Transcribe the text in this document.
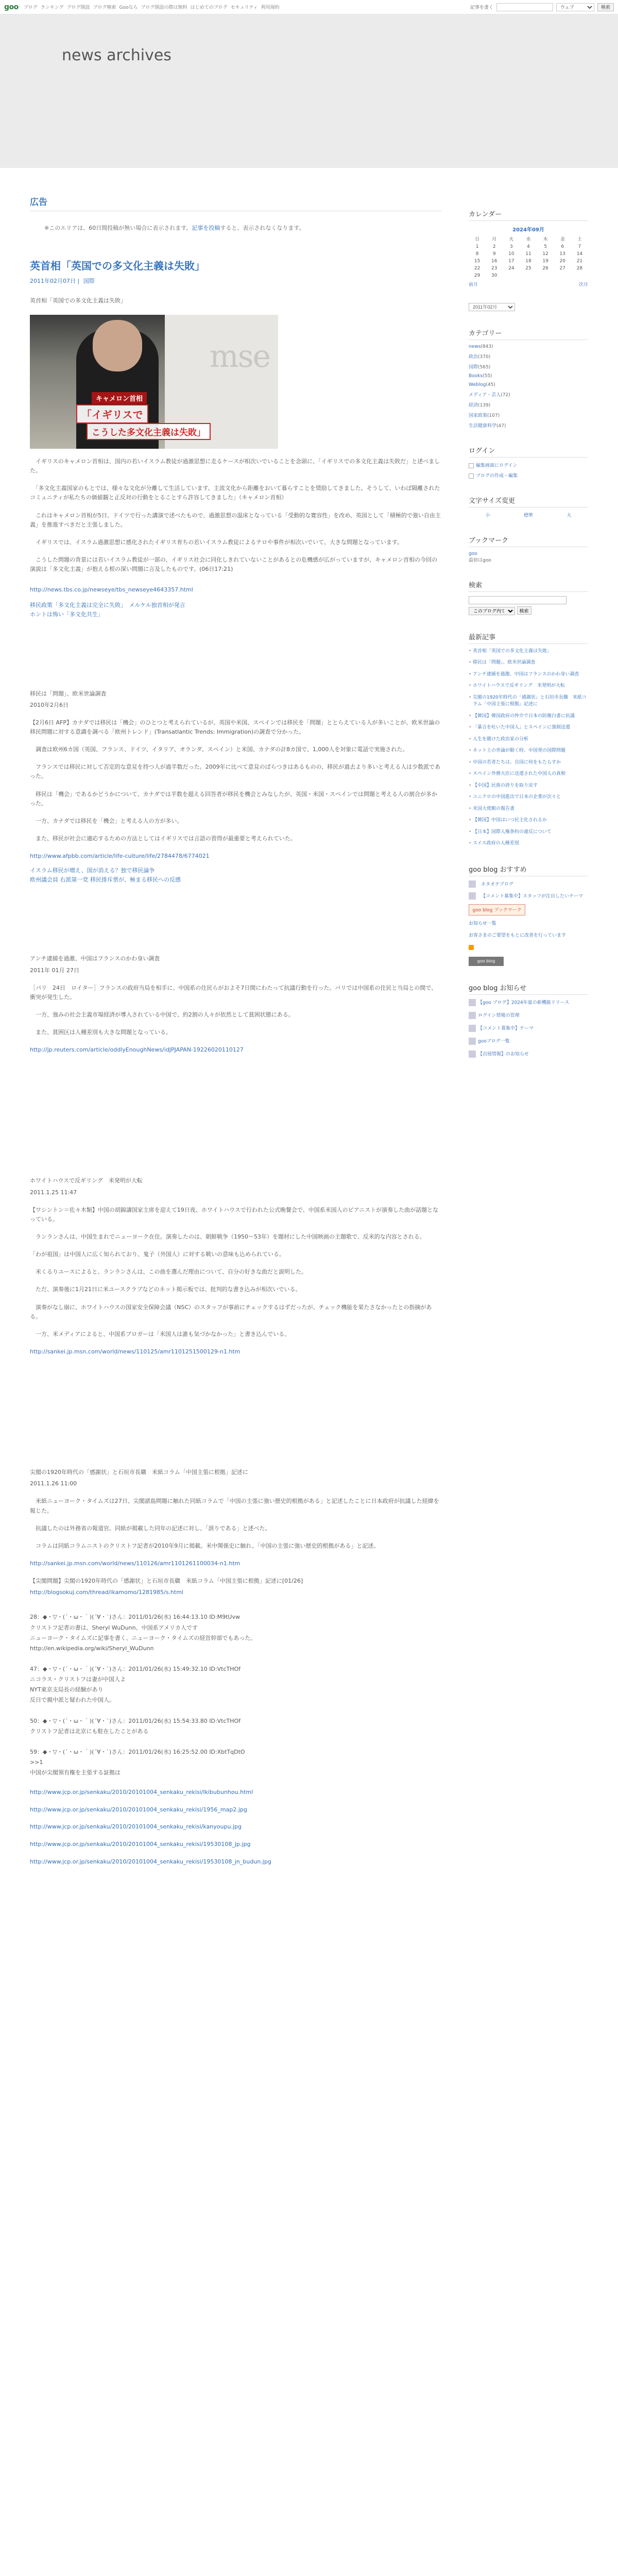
goo ブログ ランキング ブログ開設 ブログ検索 Gooなら ブログ開設の際は無料 はじめてのブログ セキュリティ 利用規約	記事を書く
ウェブ	検索
news archives
広告
※このエリアは、60日間投稿が無い場合に表示されます。記事を投稿すると、表示されなくなります。
英首相「英国での多文化主義は失敗」
2011年02月07日 | 国際
英首相「英国での多文化主義は失敗」
mse
キャメロン首相
「イギリスで
こうした多文化主義は失敗」

　イギリスのキャメロン首相は、国内の若いイスラム教徒が過激思想に走るケースが相次いでいることを念頭に、「イギリスでの多文化主義は失敗だ」と述べました。

　「多文化主義国家のもとでは、様々な文化が分離して生活しています。主流文化から距離をおいて暮らすことを奨励してきました。そうして、いわば隔離されたコミュニティが私たちの価値観と正反対の行動をとることすら許容してきました」（キャメロン首相）

　これはキャメロン首相が5日、ドイツで行った講演で述べたもので、過激思想の温床となっている「受動的な寛容性」を改め、英国として「積極的で強い自由主義」を推進すべきだと主張しました。

　イギリスでは、イスラム過激思想に感化されたイギリス育ちの若いイスラム教徒によるテロや事件が相次いでいて、大きな問題となっています。

　こうした問題の背景には若いイスラム教徒が一部の、イギリス社会に同化しきれていないことがあるとの危機感が広がっていますが、キャメロン首相の今回の演説は「多文化主義」が抱える根の深い問題に言及したものです。(06日17:21)

http://news.tbs.co.jp/newseye/tbs_newseye4643357.html
移民政策「多文化主義は完全に失敗」　メルケル独首相が発言
ホントは怖い「多文化共生」
移民は「問題」、欧米世論調査
2010年2月6日

【2月6日 AFP】カナダでは移民は「機会」のひとつと考えられているが、英国や米国、スペインでは移民を「問題」ととらえている人が多いことが、欧米世論の移民問題に対する意識を調べる「欧州トレンド」(Transatlantic Trends: Immigration)の調査で分かった。

　調査は欧州6カ国（英国、フランス、ドイツ、イタリア、オランダ、スペイン）と米国、カナダの計8カ国で、1,000人を対象に電話で実施された。

　フランスでは移民に対して否定的な意見を持つ人が過半数だった。2009年に比べて意見のばらつきはあるものの、移民が過去より多いと考える人は少数派であった。

　移民は「機会」であるかどうかについて、カナダでは半数を超える回答者が移民を機会とみなしたが、英国・米国・スペインでは問題と考える人の割合が多かった。

　一方、カナダでは移民を「機会」と考える人の方が多い。

　また、移民が社会に適応するための方法としてはイギリスでは言語の習得が最重要と考えられていた。

http://www.afpbb.com/article/life-culture/life/2784478/6774021
イスラム移民が増え、国が消える？独で移民論争
欧州議会員 右派第一党 移民排斥票が、極まる移民への反感
アンチ逮捕を過激、中国はフランスのかわ身い調査
2011年 01月 27日

［パリ　24日　ロイター］フランスの政府当局を相手に、中国系の住民らがおよそ7日間にわたって抗議行動を行った。パリでは中国系の住民と当局との間で、衝突が発生した。

　一方、強みの社会主義市場経済が導入されている中国で、約2割の人々が依然として貧困状態にある。

　また、貧困区は人種差別も大きな問題となっている。

http://jp.reuters.com/article/oddlyEnoughNews/idJPJAPAN-19226020110127
ホワイトハウスで反ギリング　米発明が大転
2011.1.25 11:47

【ワシントン＝佐々木類】中国の胡錦濤国家主席を迎えて19日夜、ホワイトハウスで行われた公式晩餐会で、中国系米国人のピアニストが演奏した曲が話題となっている。

　ランランさんは、中国生まれでニューヨーク在住。演奏したのは、朝鮮戦争（1950〜53年）を題材にした中国映画の主題歌で、反米的な内容とされる。

「わが祖国」は中国人に広く知られており、鬼子（外国人）に対する戦いの意味も込められている。

　米くるりユースによると、ランランさんは、この曲を選んだ理由について、自分の好きな曲だと説明した。

　ただ、演奏後に1月21日に米ユースクラブなどのネット掲示板では、批判的な書き込みが相次いでいる。

　演奏がなし崩に、ホワイトハウスの国家安全保障会議（NSC）のスタッフが事前にチェックするはずだったが、チェック機能を果たさなかったとの指摘がある。

　一方、米メディアによると、中国系ブロガーは「米国人は誰も気づかなかった」と書き込んでいる。

http://sankei.jp.msn.com/world/news/110125/amr1101251500129-n1.htm
尖閣の1920年時代の「感謝状」と石垣市長職　米紙コラム「中国主張に根拠」記述に
2011.1.26 11:00

　米紙ニューヨーク・タイムズは27日、尖閣諸島問題に触れた同紙コラムで「中国の主張に強い歴史的根拠がある」と記述したことに日本政府が抗議した経緯を報じた。

　抗議したのは外務省の報道官。同紙が掲載した同年の記述に対し、「誤りである」と述べた。

　コラムは同紙コラムニストのクリストフ記者が2010年9月に掲載。米中関係史に触れ、「中国の主張に強い歴史的根拠がある」と記述。

http://sankei.jp.msn.com/world/news/110126/amr1101261100034-n1.htm
【尖閣問題】尖閣の1920年時代の「感謝状」と石垣市長職　米紙コラム「中国主張に根拠」記述に[01/26]
http://blogsokuj.com/thread/ikamomo/1281985/s.html
28：◆・▽・(´・ω・｀)(´∀・`)さん：2011/01/26(水) 16:44:13.10 ID:M9tUvw
クリストフ記者の書は、Sheryl WuDunn、中国系アメリカ人です
ニューヨーク・タイムズに記事を書く、ニューヨーク・タイムズの経営幹部でもあった。
http://en.wikipedia.org/wiki/Sheryl_WuDunn
47：◆・▽・(´・ω・｀)(´∀・`)さん：2011/01/26(水) 15:49:32.10 ID:VtcTHOf
ニコラス・クリストフは妻が中国人よ
NYT東京支局長の経験があり
反日で親中派と疑われた中国人。
50：◆・▽・(´・ω・｀)(´∀・`)さん：2011/01/26(水) 15:54:33.80 ID:VtcTHOf
クリストフ記者は北京にも駐在したことがある
59：◆・▽・(´・ω・｀)(´∀・`)さん：2011/01/26(水) 16:25:52.00 ID:XbtTqDtO
>>1
中国が尖閣領有権を主張する証拠は
http://www.jcp.or.jp/senkaku/2010/20101004_senkaku_rekisi/Ikibubunhou.html
http://www.jcp.or.jp/senkaku/2010/20101004_senkaku_rekisi/1956_map2.jpg
http://www.jcp.or.jp/senkaku/2010/20101004_senkaku_rekisi/kanyoupu.jpg
http://www.jcp.or.jp/senkaku/2010/20101004_senkaku_rekisi/19530108_jp.jpg
http://www.jcp.or.jp/senkaku/2010/20101004_senkaku_rekisi/19530108_jn_budun.jpg
カレンダー
2024年09月
日	月	火	水	木	金	土
1	2	3	4	5	6	7
8	9	10	11	12	13	14
15	16	17	18	19	20	21
22	23	24	25	26	27	28
29	30					
前月	次月
2011年02月
カテゴリー
news(843)
政治(370)
国際(565)
Books(55)
Weblog(45)
メディア・芸人(72)
経済(139)
国家政策(107)
生活健康科学(47)
ログイン
編集画面にログイン
ブログの作成・編集
文字サイズ変更
小	標準	大
ブックマーク
goo
最初はgoo
検索

このブログ内で 検索
最新記事
• 英首相「英国での多文化主義は失敗」
• 移民は「問題」、欧米世論調査
• アンチ逮捕を過激、中国はフランスのかわ身い調査
• ホワイトハウスで反ギリング　米発明が大転
• 尖閣の1920年時代の「感謝状」と石垣市長職　米紙コラム「中国主張に根拠」記述に
• 【韓国】韓国政府の仲介で日本の防衛白書に抗議
• 「暴言を吐いた中国人」とスペインに強制送還
• 人生を賭けた政治家の分析
• ネット上の世論が動く時、中国発の国際問題
• 中国の若者たちは、自国に何をもたらすか
• スペイン外務大臣に送還された中国人の真相
• 【中国】民族の誇りを取り戻す
• ユニクロの中国進出で日本の企業が次々と
• 米国大使館の報告書
• 【韓国】中国はいつ民主化されるか
• 【日本】国際人権条約の違反について
• スイス政府の人種差別
goo blog おすすめ
ネタオチブログ
【コメント募集中】スタッフが注目したいテーマ
goo blog ブックマーク
お知らせ一覧
お客さまのご要望をもとに改善を行っています
goo blog
goo blog お知らせ
【goo ブログ】2024年夏の新機能リリース
ログイン情報の管理
【コメント募集中】テーマ
gooブログ一覧
【出展情報】のお知らせ
